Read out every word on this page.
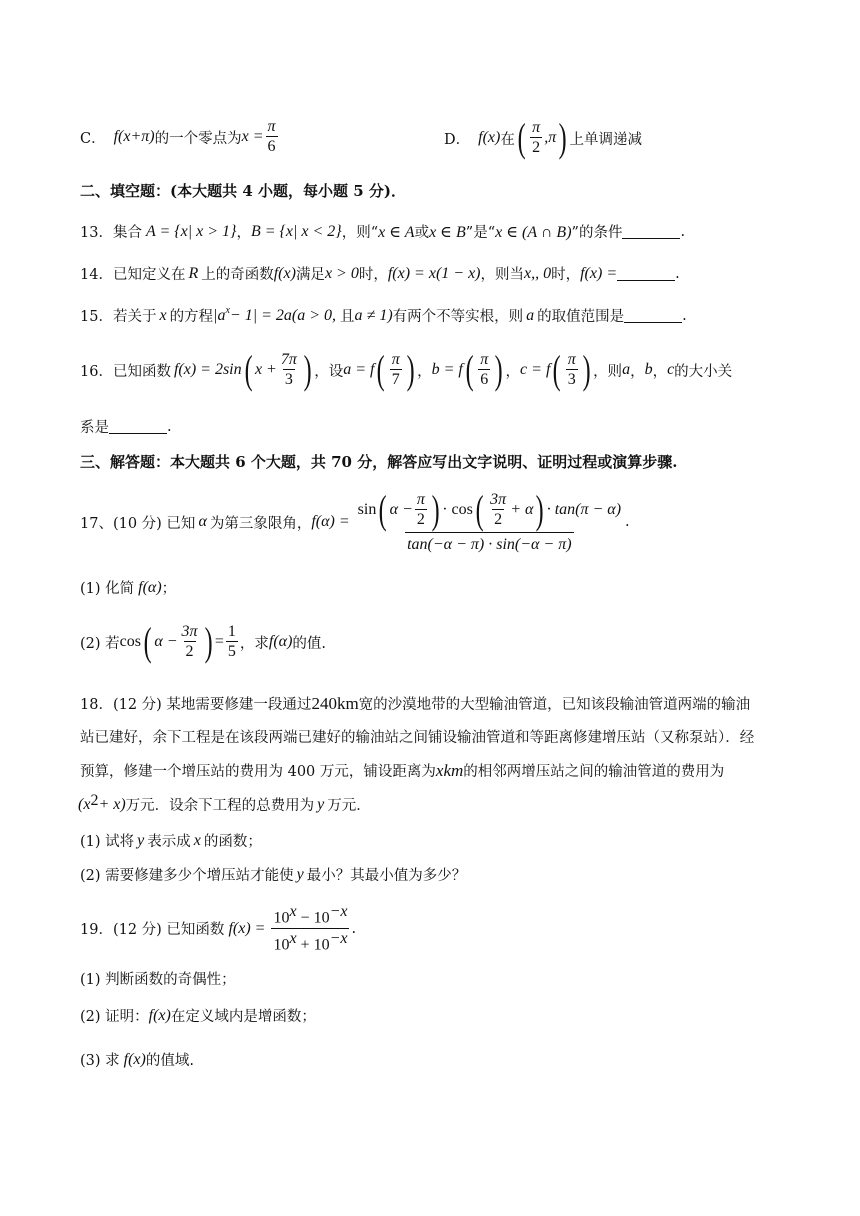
C． f(x+π) 的一个零点为 $x = \frac{\pi}{6}$	D． f(x) 在 ( $\frac{\pi}{2} ,\pi$ ) 上单调递减
二、填空题：(本大题共 4 小题，每小题 5 分)．
13．集合 A = {x| x > 1} ， B = {x| x < 2} ，则“ x ∈ A 或 x ∈ B ”是“ x ∈ (A ∩ B) ”的条件	.
14．已知定义在 R 上的奇函数 f(x) 满足 x > 0 时， f(x) = x(1 − x) ，则当 x,, 0 时， f(x) =	.
15．若关于 x 的方程 $|a^x - 1| = 2a(a > 0$, 且 a ≠ 1) 有两个不等实根，则 a 的取值范围是	.
16．已知函数 f(x) = 2sin ( $x + \frac{7\pi}{3}$ ) ，设 a = f ( $\frac{\pi}{7}$ ) ， b = f ( $\frac{\pi}{6}$ ) ， c = f ( $\frac{\pi}{3}$ ) ，则 a ， b ， c 的大小关
系是	.
三、解答题：本大题共 6 个大题，共 70 分，解答应写出文字说明、证明过程或演算步骤.
17、(10 分) 已知 α 为第三象限角， f(α) =
sin ( $\alpha - \frac{\pi}{2}$ ) · cos ( $\frac{3\pi}{2} + \alpha$ ) · tan(π − α)
tan(−α − π) · sin(−α − π)
.
(1) 化简 f(α) ；
(2) 若 cos ( $\alpha - \frac{3\pi}{2}$ ) = $\frac{1}{5}$ ，求 f(α) 的值.
18．(12 分) 某地需要修建一段通过 240km 宽的沙漠地带的大型输油管道，已知该段输油管道两端的输油
站已建好，余下工程是在该段两端已建好的输油站之间铺设输油管道和等距离修建增压站（又称泵站）．经
预算，修建一个增压站的费用为 400 万元，铺设距离为 xkm 的相邻两增压站之间的输油管道的费用为
(x 2 + x) 万元．设余下工程的总费用为 y 万元．
(1) 试将 y 表示成 x 的函数；
(2) 需要修建多少个增压站才能使 y 最小？其最小值为多少？
19．(12 分) 已知函数 $f(x) = \frac{10^x - 10^{-x}}{10^x + 10^{-x}}$ .
(1) 判断函数的奇偶性；
(2) 证明： f(x) 在定义域内是增函数；
(3) 求 f(x) 的值域.
